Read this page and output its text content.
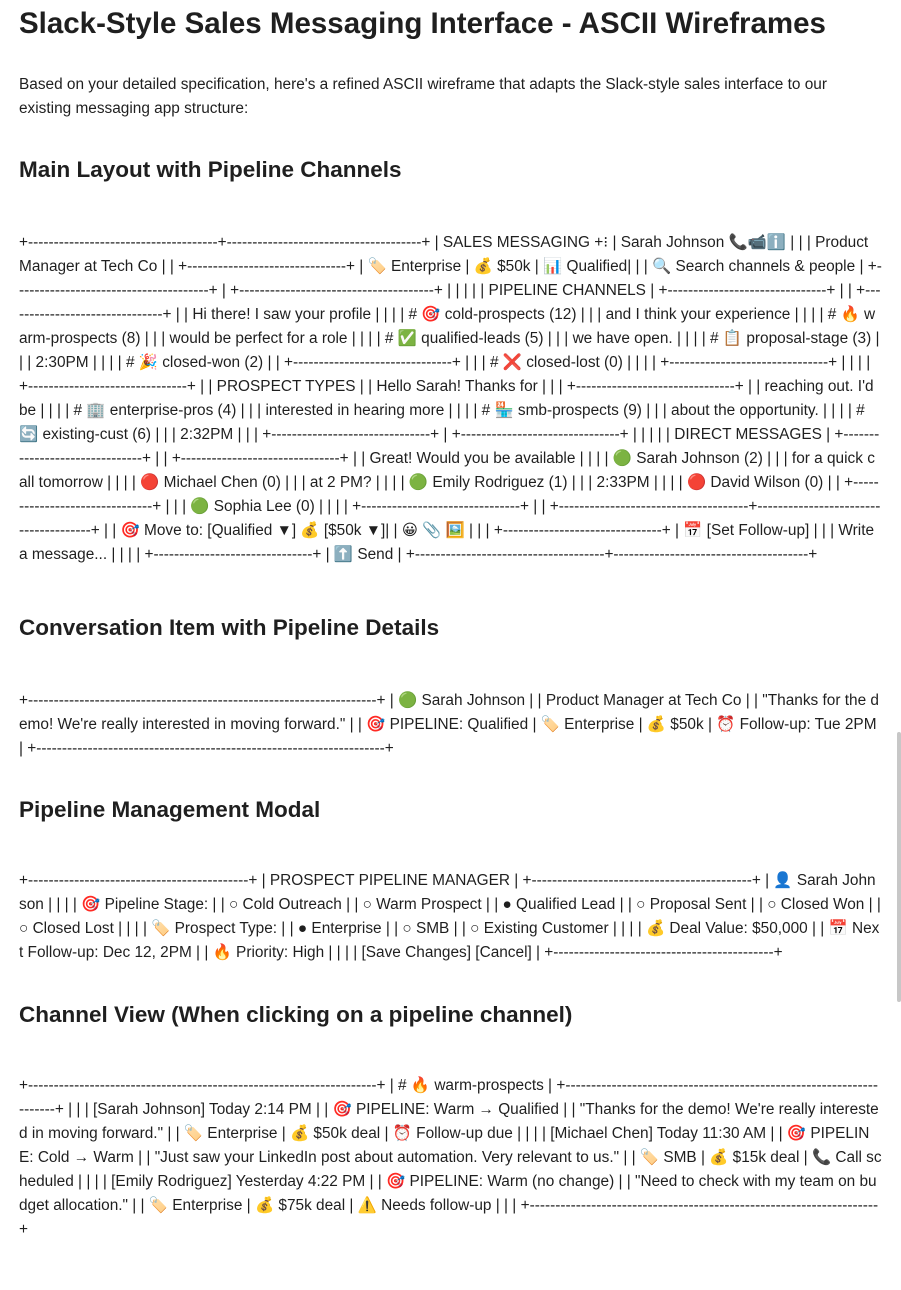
Slack-Style Sales Messaging Interface - ASCII Wireframes

Based on your detailed specification, here's a refined ASCII wireframe that adapts the Slack-style sales interface to our existing messaging app structure:

Main Layout with Pipeline Channels
+-------------------------------------+--------------------------------------+ | SALES MESSAGING +⁝ | Sarah Johnson 📞📹ℹ️ | | | Product Manager at Tech Co | | +-------------------------------+ | 🏷️ Enterprise | 💰 $50k | 📊 Qualified| | | 🔍 Search channels & people | +--------------------------------------+ | +--------------------------------------+ | | | | | PIPELINE CHANNELS | +-------------------------------+ | | +-------------------------------+ | | Hi there! I saw your profile | | | | # 🎯 cold-prospects (12) | | | and I think your experience | | | | # 🔥 warm-prospects (8) | | | would be perfect for a role | | | | # ✅ qualified-leads (5) | | | we have open. | | | | # 📋 proposal-stage (3) | | | 2:30PM | | | | # 🎉 closed-won (2) | | +-------------------------------+ | | | # ❌ closed-lost (0) | | | | +-------------------------------+ | | | | +-------------------------------+ | | PROSPECT TYPES | | Hello Sarah! Thanks for | | | +-------------------------------+ | | reaching out. I'd be | | | | # 🏢 enterprise-pros (4) | | | interested in hearing more | | | | # 🏪 smb-prospects (9) | | | about the opportunity. | | | | # 🔄 existing-cust (6) | | | 2:32PM | | | +-------------------------------+ | +-------------------------------+ | | | | | DIRECT MESSAGES | +-------------------------------+ | | +-------------------------------+ | | Great! Would you be available | | | | 🟢 Sarah Johnson (2) | | | for a quick call tomorrow | | | | 🔴 Michael Chen (0) | | | at 2 PM? | | | | 🟢 Emily Rodriguez (1) | | | 2:33PM | | | | 🔴 David Wilson (0) | | +-------------------------------+ | | | 🟢 Sophia Lee (0) | | | | +-------------------------------+ | | +-------------------------------------+--------------------------------------+ | | 🎯 Move to: [Qualified ▼] 💰 [$50k ▼]| | 😀 📎 🖼️ | | | +-------------------------------+ | 📅 [Set Follow-up] | | | Write a message... | | | | +-------------------------------+ | ⬆️ Send | +-------------------------------------+--------------------------------------+
Conversation Item with Pipeline Details
+--------------------------------------------------------------------+ | 🟢 Sarah Johnson | | Product Manager at Tech Co | | "Thanks for the demo! We're really interested in moving forward." | | 🎯 PIPELINE: Qualified | 🏷️ Enterprise | 💰 $50k | ⏰ Follow-up: Tue 2PM | +--------------------------------------------------------------------+
Pipeline Management Modal
+-------------------------------------------+ | PROSPECT PIPELINE MANAGER | +-------------------------------------------+ | 👤 Sarah Johnson | | | | 🎯 Pipeline Stage: | | ○ Cold Outreach | | ○ Warm Prospect | | ● Qualified Lead | | ○ Proposal Sent | | ○ Closed Won | | ○ Closed Lost | | | | 🏷️ Prospect Type: | | ● Enterprise | | ○ SMB | | ○ Existing Customer | | | | 💰 Deal Value: $50,000 | | 📅 Next Follow-up: Dec 12, 2PM | | 🔥 Priority: High | | | | [Save Changes] [Cancel] | +-------------------------------------------+
Channel View (When clicking on a pipeline channel)
+--------------------------------------------------------------------+ | # 🔥 warm-prospects | +--------------------------------------------------------------------+ | | | [Sarah Johnson] Today 2:14 PM | | 🎯 PIPELINE: Warm → Qualified | | "Thanks for the demo! We're really interested in moving forward." | | 🏷️ Enterprise | 💰 $50k deal | ⏰ Follow-up due | | | | [Michael Chen] Today 11:30 AM | | 🎯 PIPELINE: Cold → Warm | | "Just saw your LinkedIn post about automation. Very relevant to us." | | 🏷️ SMB | 💰 $15k deal | 📞 Call scheduled | | | | [Emily Rodriguez] Yesterday 4:22 PM | | 🎯 PIPELINE: Warm (no change) | | "Need to check with my team on budget allocation." | | 🏷️ Enterprise | 💰 $75k deal | ⚠️ Needs follow-up | | | +--------------------------------------------------------------------+
